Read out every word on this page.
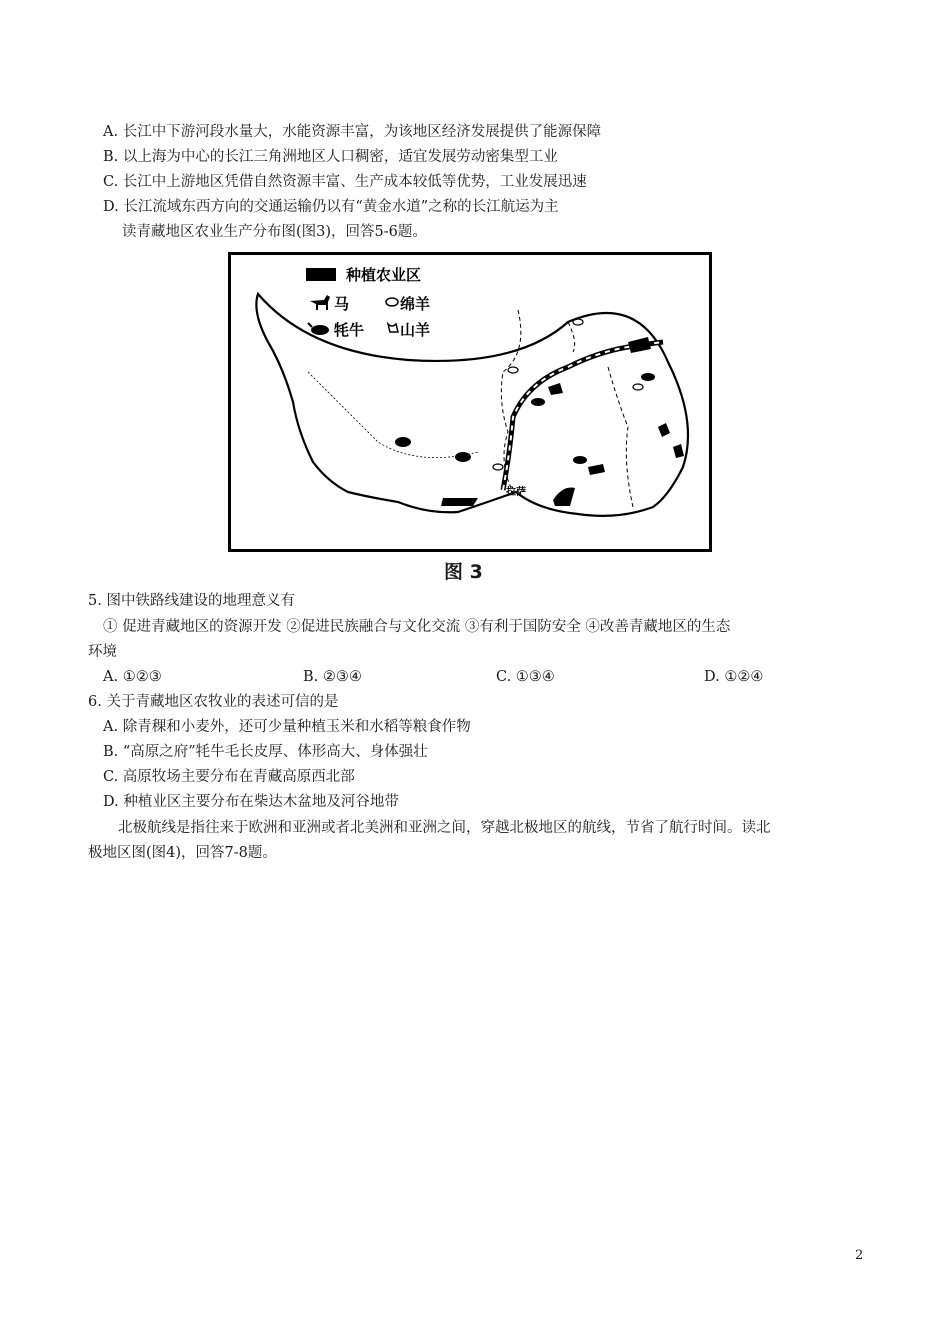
A. 长江中下游河段水量大，水能资源丰富，为该地区经济发展提供了能源保障
B. 以上海为中心的长江三角洲地区人口稠密，适宜发展劳动密集型工业
C. 长江中上游地区凭借自然资源丰富、生产成本较低等优势，工业发展迅速
D. 长江流域东西方向的交通运输仍以有“黄金水道”之称的长江航运为主
读青藏地区农业生产分布图(图3)，回答5-6题。
种植农业区
马	绵羊
牦牛 山羊
拉萨
图 3
5. 图中铁路线建设的地理意义有
① 促进青藏地区的资源开发 ②促进民族融合与文化交流 ③有利于国防安全 ④改善青藏地区的生态
环境
A. ①②③	B. ②③④	C. ①③④	D. ①②④
6. 关于青藏地区农牧业的表述可信的是
A. 除青稞和小麦外，还可少量种植玉米和水稻等粮食作物
B. “高原之府”牦牛毛长皮厚、体形高大、身体强壮
C. 高原牧场主要分布在青藏高原西北部
D. 种植业区主要分布在柴达木盆地及河谷地带
北极航线是指往来于欧洲和亚洲或者北美洲和亚洲之间，穿越北极地区的航线，节省了航行时间。读北
极地区图(图4)，回答7-8题。
2
